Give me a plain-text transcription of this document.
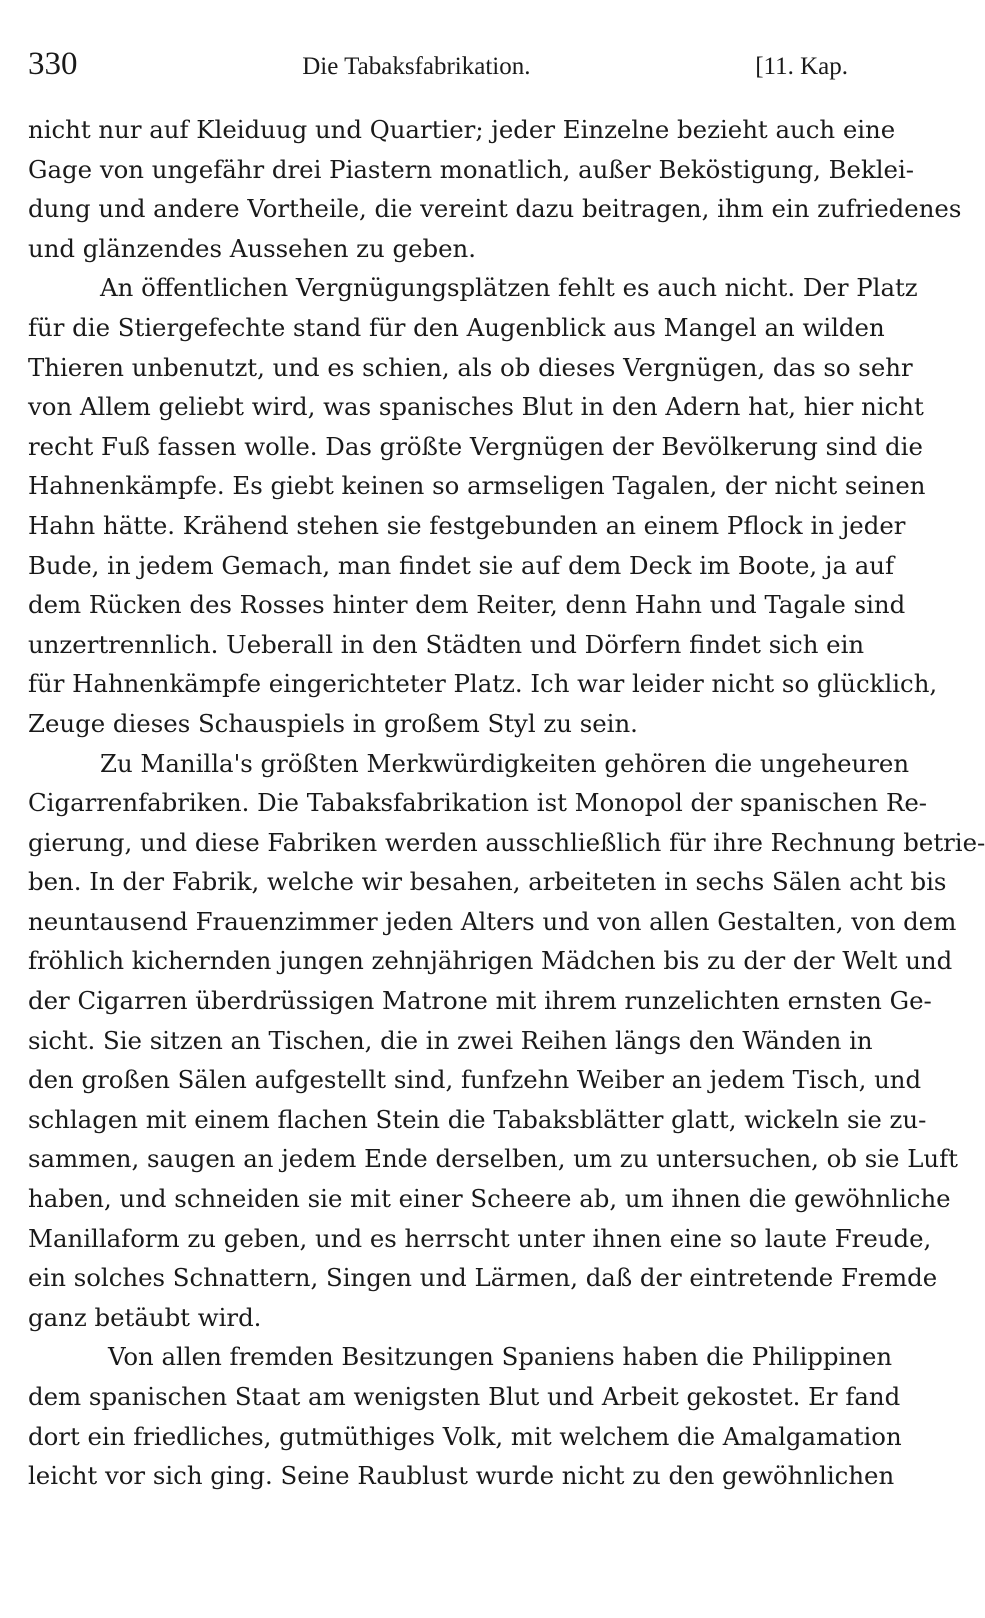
330	Die Tabaksfabrikation.	[11. Kap.
nicht nur auf Kleiduug und Quartier; jeder Einzelne bezieht auch eine
Gage von ungefähr drei Piastern monatlich, außer Beköstigung, Beklei-
dung und andere Vortheile, die vereint dazu beitragen, ihm ein zufriedenes
und glänzendes Aussehen zu geben.
An öffentlichen Vergnügungsplätzen fehlt es auch nicht. Der Platz
für die Stiergefechte stand für den Augenblick aus Mangel an wilden
Thieren unbenutzt, und es schien, als ob dieses Vergnügen, das so sehr
von Allem geliebt wird, was spanisches Blut in den Adern hat, hier nicht
recht Fuß fassen wolle. Das größte Vergnügen der Bevölkerung sind die
Hahnenkämpfe. Es giebt keinen so armseligen Tagalen, der nicht seinen
Hahn hätte. Krähend stehen sie festgebunden an einem Pflock in jeder
Bude, in jedem Gemach, man findet sie auf dem Deck im Boote, ja auf
dem Rücken des Rosses hinter dem Reiter, denn Hahn und Tagale sind
unzertrennlich. Ueberall in den Städten und Dörfern findet sich ein
für Hahnenkämpfe eingerichteter Platz. Ich war leider nicht so glücklich,
Zeuge dieses Schauspiels in großem Styl zu sein.
Zu Manilla's größten Merkwürdigkeiten gehören die ungeheuren
Cigarrenfabriken. Die Tabaksfabrikation ist Monopol der spanischen Re-
gierung, und diese Fabriken werden ausschließlich für ihre Rechnung betrie-
ben. In der Fabrik, welche wir besahen, arbeiteten in sechs Sälen acht bis
neuntausend Frauenzimmer jeden Alters und von allen Gestalten, von dem
fröhlich kichernden jungen zehnjährigen Mädchen bis zu der der Welt und
der Cigarren überdrüssigen Matrone mit ihrem runzelichten ernsten Ge-
sicht. Sie sitzen an Tischen, die in zwei Reihen längs den Wänden in
den großen Sälen aufgestellt sind, funfzehn Weiber an jedem Tisch, und
schlagen mit einem flachen Stein die Tabaksblätter glatt, wickeln sie zu-
sammen, saugen an jedem Ende derselben, um zu untersuchen, ob sie Luft
haben, und schneiden sie mit einer Scheere ab, um ihnen die gewöhnliche
Manillaform zu geben, und es herrscht unter ihnen eine so laute Freude,
ein solches Schnattern, Singen und Lärmen, daß der eintretende Fremde
ganz betäubt wird.
Von allen fremden Besitzungen Spaniens haben die Philippinen
dem spanischen Staat am wenigsten Blut und Arbeit gekostet. Er fand
dort ein friedliches, gutmüthiges Volk, mit welchem die Amalgamation
leicht vor sich ging. Seine Raublust wurde nicht zu den gewöhnlichen
